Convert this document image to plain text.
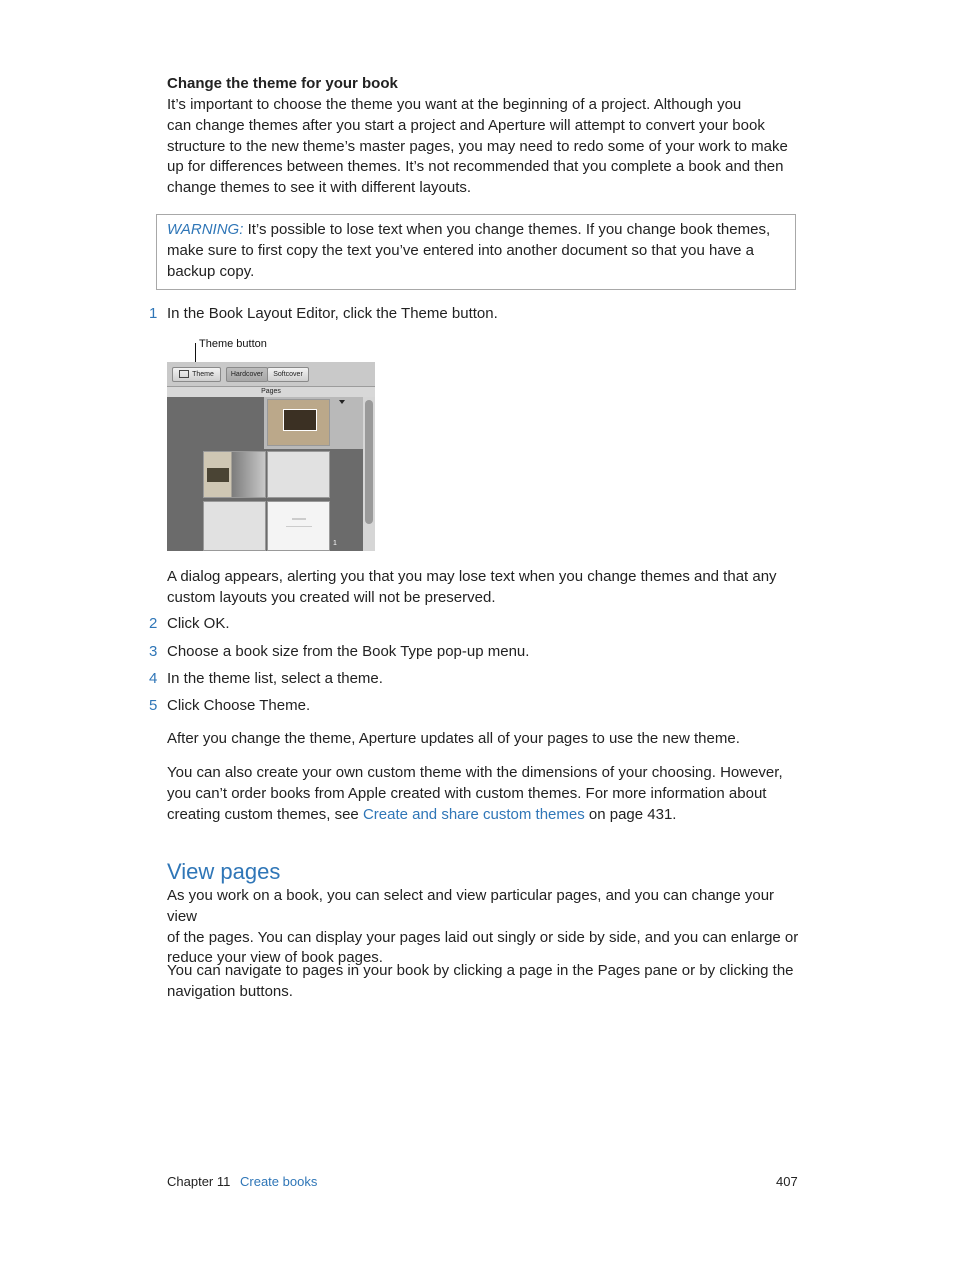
Change the theme for your book
It’s important to choose the theme you want at the beginning of a project. Although you
can change themes after you start a project and Aperture will attempt to convert your book
structure to the new theme’s master pages, you may need to redo some of your work to make
up for differences between themes. It’s not recommended that you complete a book and then
change themes to see it with different layouts.
WARNING: It’s possible to lose text when you change themes. If you change book themes,
make sure to first copy the text you’ve entered into another document so that you have a
backup copy.
1 In the Book Layout Editor, click the Theme button.
Theme button
Theme	Hardcover	Softcover
Pages
1
A dialog appears, alerting you that you may lose text when you change themes and that any
custom layouts you created will not be preserved.
2 Click OK.
3 Choose a book size from the Book Type pop-up menu.
4 In the theme list, select a theme.
5 Click Choose Theme.
After you change the theme, Aperture updates all of your pages to use the new theme.
You can also create your own custom theme with the dimensions of your choosing. However,
you can’t order books from Apple created with custom themes. For more information about
creating custom themes, see Create and share custom themes on page 431.
View pages
As you work on a book, you can select and view particular pages, and you can change your view
of the pages. You can display your pages laid out singly or side by side, and you can enlarge or
reduce your view of book pages.
You can navigate to pages in your book by clicking a page in the Pages pane or by clicking the
navigation buttons.
Chapter 11 Create books	407
